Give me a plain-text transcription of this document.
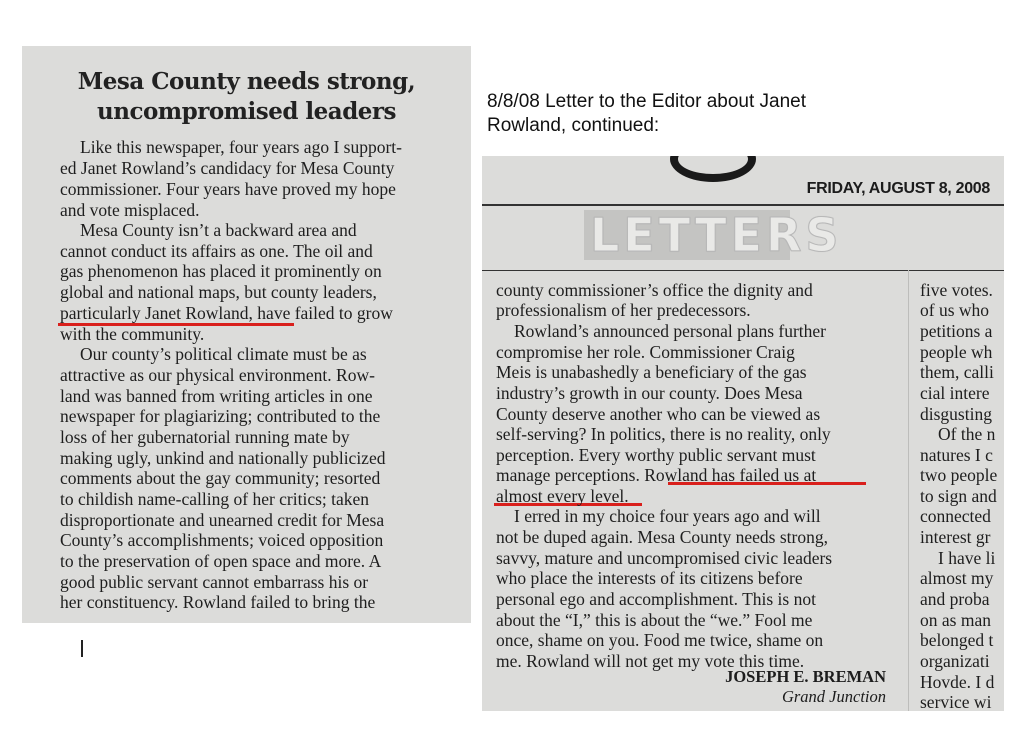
8/8/08 Letter to the Editor about Janet
Rowland, continued:
Mesa County needs strong,
uncompromised leaders
Like this newspaper, four years ago I support-
ed Janet Rowland’s candidacy for Mesa County
commissioner. Four years have proved my hope
and vote misplaced.
Mesa County isn’t a backward area and
cannot conduct its affairs as one. The oil and
gas phenomenon has placed it prominently on
global and national maps, but county leaders,
particularly Janet Rowland, have failed to grow
with the community.
Our county’s political climate must be as
attractive as our physical environment. Row-
land was banned from writing articles in one
newspaper for plagiarizing; contributed to the
loss of her gubernatorial running mate by
making ugly, unkind and nationally publicized
comments about the gay community; resorted
to childish name-calling of her critics; taken
disproportionate and unearned credit for Mesa
County’s accomplishments; voiced opposition
to the preservation of open space and more. A
good public servant cannot embarrass his or
her constituency. Rowland failed to bring the
FRIDAY, AUGUST 8, 2008
LETTERS
county commissioner’s office the dignity and
professionalism of her predecessors.
Rowland’s announced personal plans further
compromise her role. Commissioner Craig
Meis is unabashedly a beneficiary of the gas
industry’s growth in our county. Does Mesa
County deserve another who can be viewed as
self-serving? In politics, there is no reality, only
perception. Every worthy public servant must
manage perceptions. Rowland has failed us at
almost every level.
I erred in my choice four years ago and will
not be duped again. Mesa County needs strong,
savvy, mature and uncompromised civic leaders
who place the interests of its citizens before
personal ego and accomplishment. This is not
about the “I,” this is about the “we.” Fool me
once, shame on you. Food me twice, shame on
me. Rowland will not get my vote this time.
JOSEPH E. BREMAN
Grand Junction
five votes.
of us who
petitions a
people wh
them, calli
cial intere
disgusting
Of the n
natures I c
two people
to sign and
connected
interest gr
I have li
almost my
and proba
on as man
belonged t
organizati
Hovde. I d
service wi
